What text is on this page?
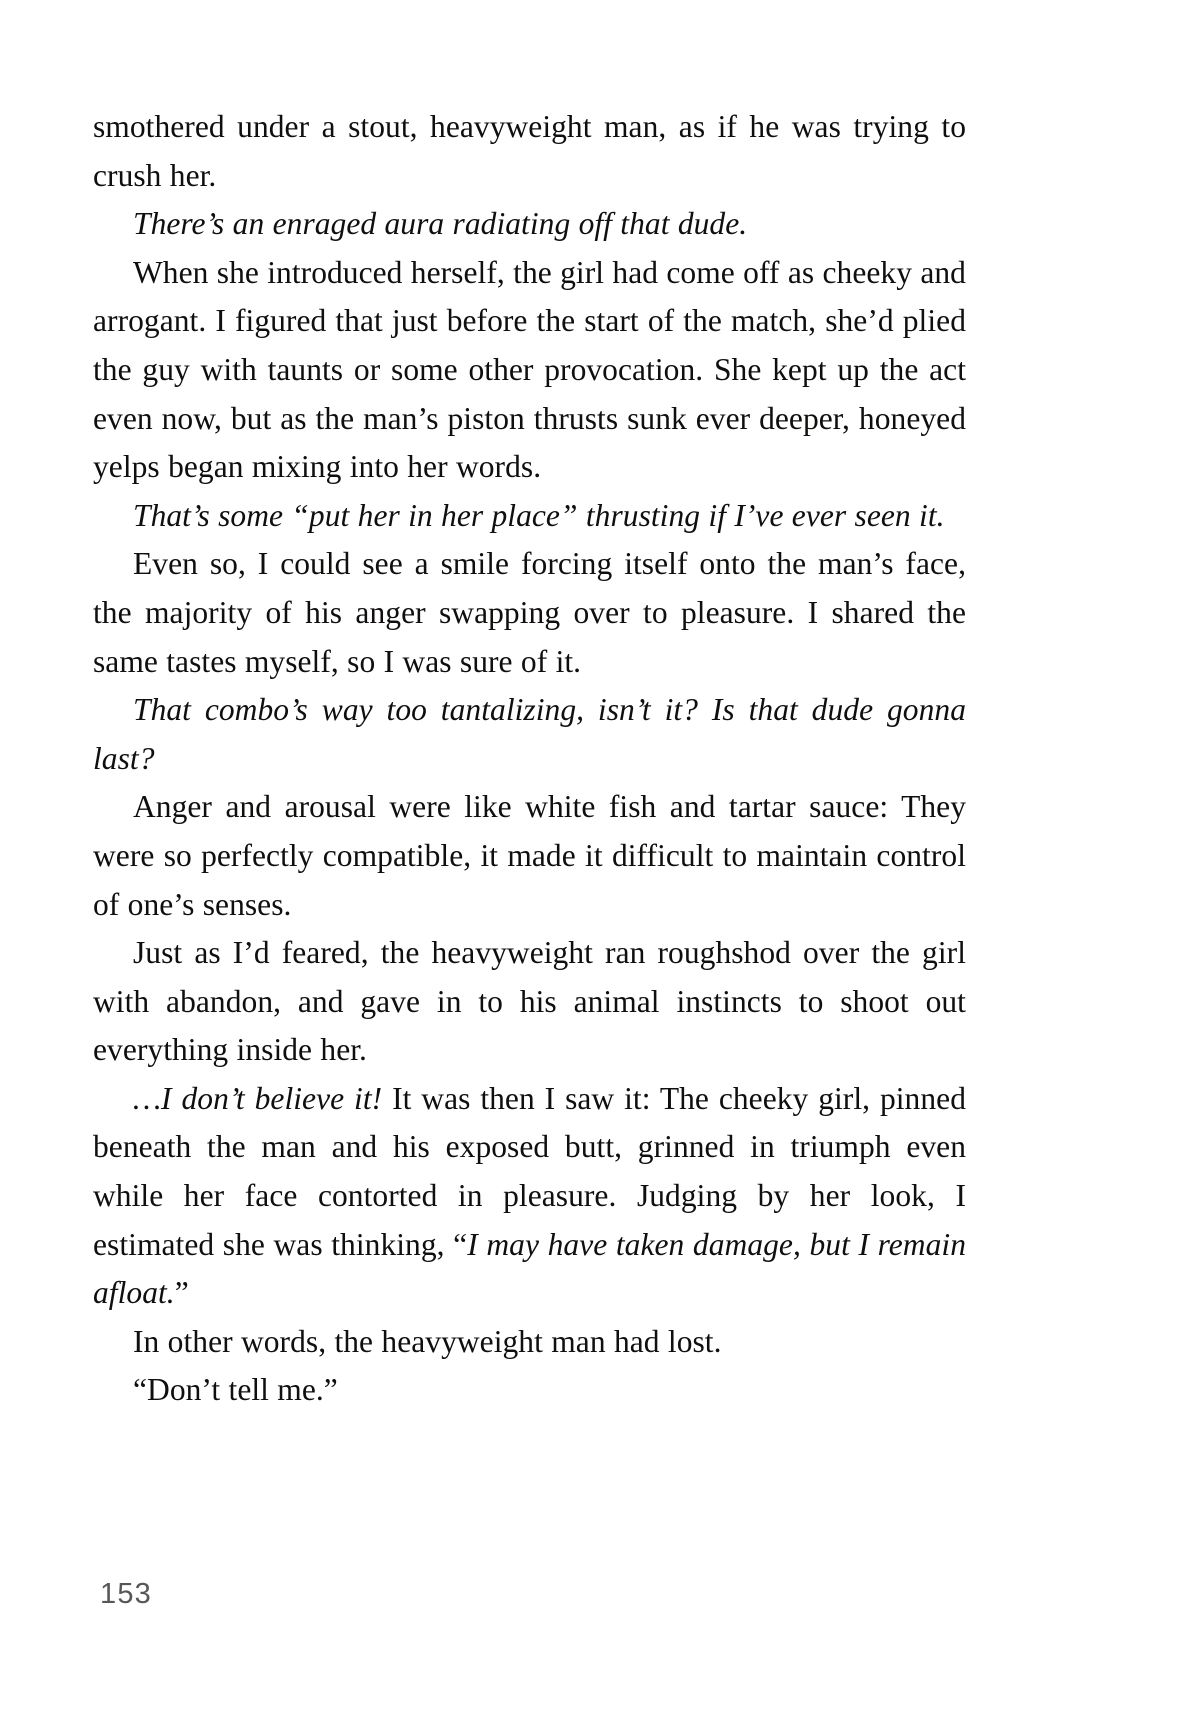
smothered under a stout, heavyweight man, as if he was trying to crush her.

There’s an enraged aura radiating off that dude.

When she introduced herself, the girl had come off as cheeky and arrogant. I figured that just before the start of the match, she’d plied the guy with taunts or some other provocation. She kept up the act even now, but as the man’s piston thrusts sunk ever deeper, honeyed yelps began mixing into her words.

That’s some “put her in her place” thrusting if I’ve ever seen it.

Even so, I could see a smile forcing itself onto the man’s face, the majority of his anger swapping over to pleasure. I shared the same tastes myself, so I was sure of it.

That combo’s way too tantalizing, isn’t it? Is that dude gonna last?

Anger and arousal were like white fish and tartar sauce: They were so perfectly compatible, it made it difficult to maintain control of one’s senses.

Just as I’d feared, the heavyweight ran roughshod over the girl with abandon, and gave in to his animal instincts to shoot out everything inside her.

…I don’t believe it! It was then I saw it: The cheeky girl, pinned beneath the man and his exposed butt, grinned in triumph even while her face contorted in pleasure. Judging by her look, I estimated she was thinking, “I may have taken damage, but I remain afloat.”

In other words, the heavyweight man had lost.

“Don’t tell me.”

153
